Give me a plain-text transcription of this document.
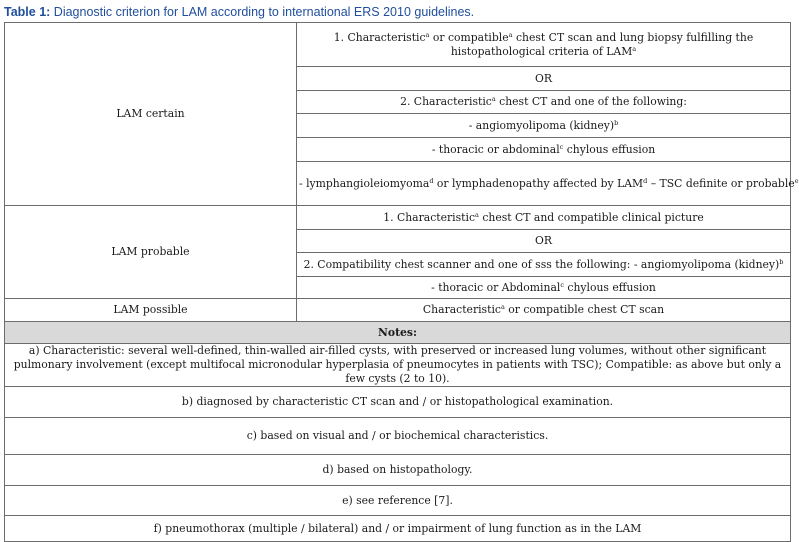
Table 1: Diagnostic criterion for LAM according to international ERS 2010 guidelines.
LAM certain	1. Characteristic$^a$ or compatible$^a$ chest CT scan and lung biopsy fulfilling the histopathological criteria of LAM$^a$
	OR
	2. Characteristic$^a$ chest CT and one of the following:
	- angiomyolipoma (kidney)$^b$
	- thoracic or abdominal$^c$ chylous effusion
	- lymphangioleiomyoma$^d$ or lymphadenopathy affected by LAM$^d$ – TSC definite or probable$^e$
LAM probable	1. Characteristic$^a$ chest CT and compatible clinical picture
	OR
	2. Compatibility chest scanner and one of sss the following: - angiomyolipoma (kidney)$^b$
	- thoracic or Abdominal$^c$ chylous effusion
LAM possible	Characteristic$^a$ or compatible chest CT scan
Notes:	
a) Characteristic: several well-defined, thin-walled air-filled cysts, with preserved or increased lung volumes, without other significant pulmonary involvement (except multifocal micronodular hyperplasia of pneumocytes in patients with TSC); Compatible: as above but only a few cysts (2 to 10).	
b) diagnosed by characteristic CT scan and / or histopathological examination.	
c) based on visual and / or biochemical characteristics.	
d) based on histopathology.	
e) see reference [7].	
f) pneumothorax (multiple / bilateral) and / or impairment of lung function as in the LAM	
